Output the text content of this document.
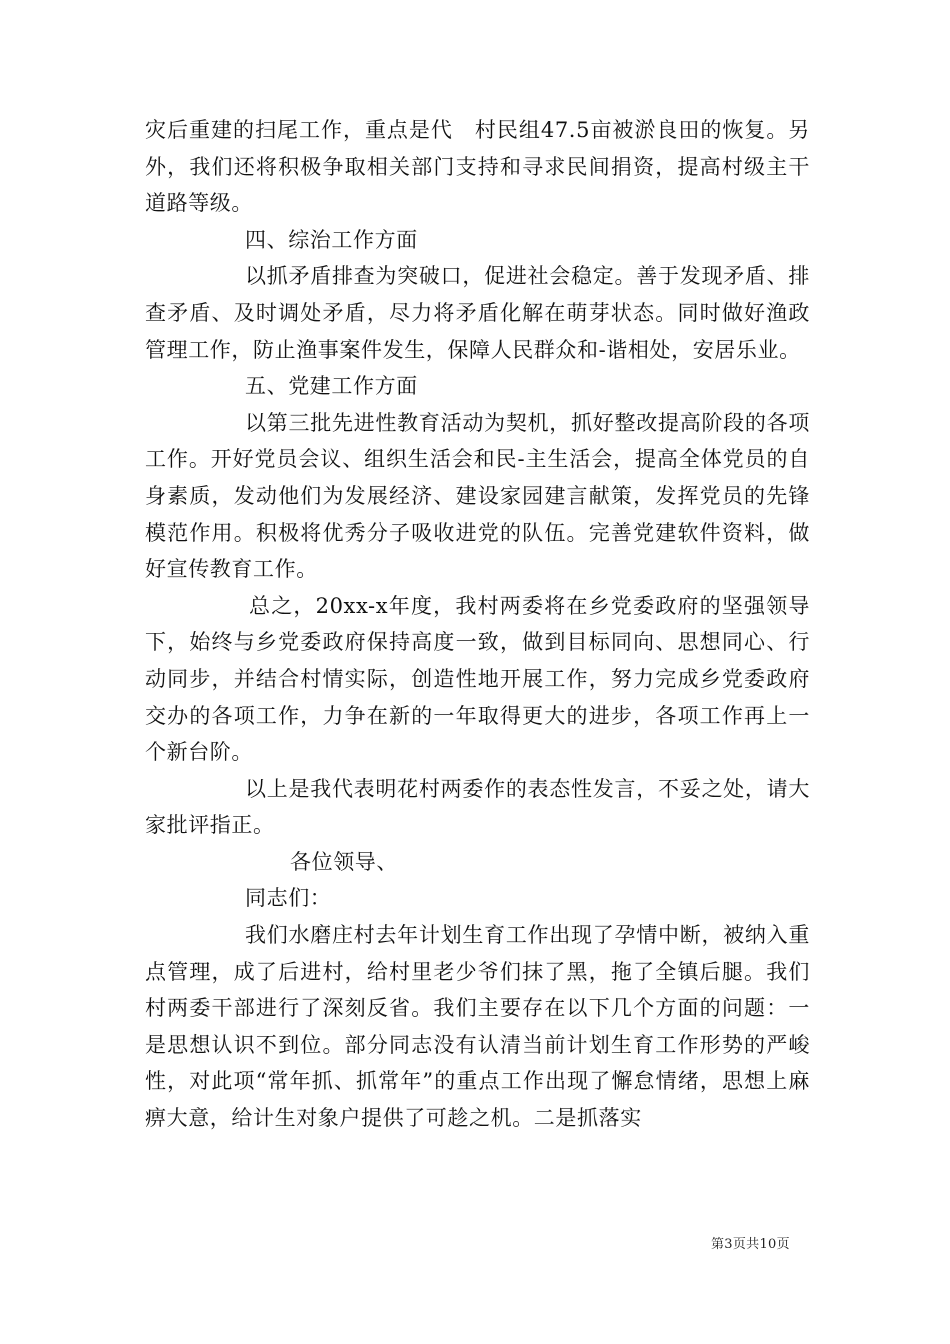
灾后重建的扫尾工作，重点是代　村民组47.5亩被淤良田的恢复。另外，我们还将积极争取相关部门支持和寻求民间捐资，提高村级主干道路等级。

四、综治工作方面

以抓矛盾排查为突破口，促进社会稳定。善于发现矛盾、排查矛盾、及时调处矛盾，尽力将矛盾化解在萌芽状态。同时做好渔政管理工作，防止渔事案件发生，保障人民群众和-谐相处，安居乐业。

五、党建工作方面

以第三批先进性教育活动为契机，抓好整改提高阶段的各项工作。开好党员会议、组织生活会和民-主生活会，提高全体党员的自身素质，发动他们为发展经济、建设家园建言献策，发挥党员的先锋模范作用。积极将优秀分子吸收进党的队伍。完善党建软件资料，做好宣传教育工作。

总之，20xx-x年度，我村两委将在乡党委政府的坚强领导下，始终与乡党委政府保持高度一致，做到目标同向、思想同心、行动同步，并结合村情实际，创造性地开展工作，努力完成乡党委政府交办的各项工作，力争在新的一年取得更大的进步，各项工作再上一个新台阶。

以上是我代表明花村两委作的表态性发言，不妥之处，请大家批评指正。

各位领导、

同志们：

我们水磨庄村去年计划生育工作出现了孕情中断，被纳入重点管理，成了后进村，给村里老少爷们抹了黑，拖了全镇后腿。我们村两委干部进行了深刻反省。我们主要存在以下几个方面的问题：一是思想认识不到位。部分同志没有认清当前计划生育工作形势的严峻性，对此项“常年抓、抓常年”的重点工作出现了懈怠情绪，思想上麻痹大意，给计生对象户提供了可趁之机。二是抓落实

第3页共10页
